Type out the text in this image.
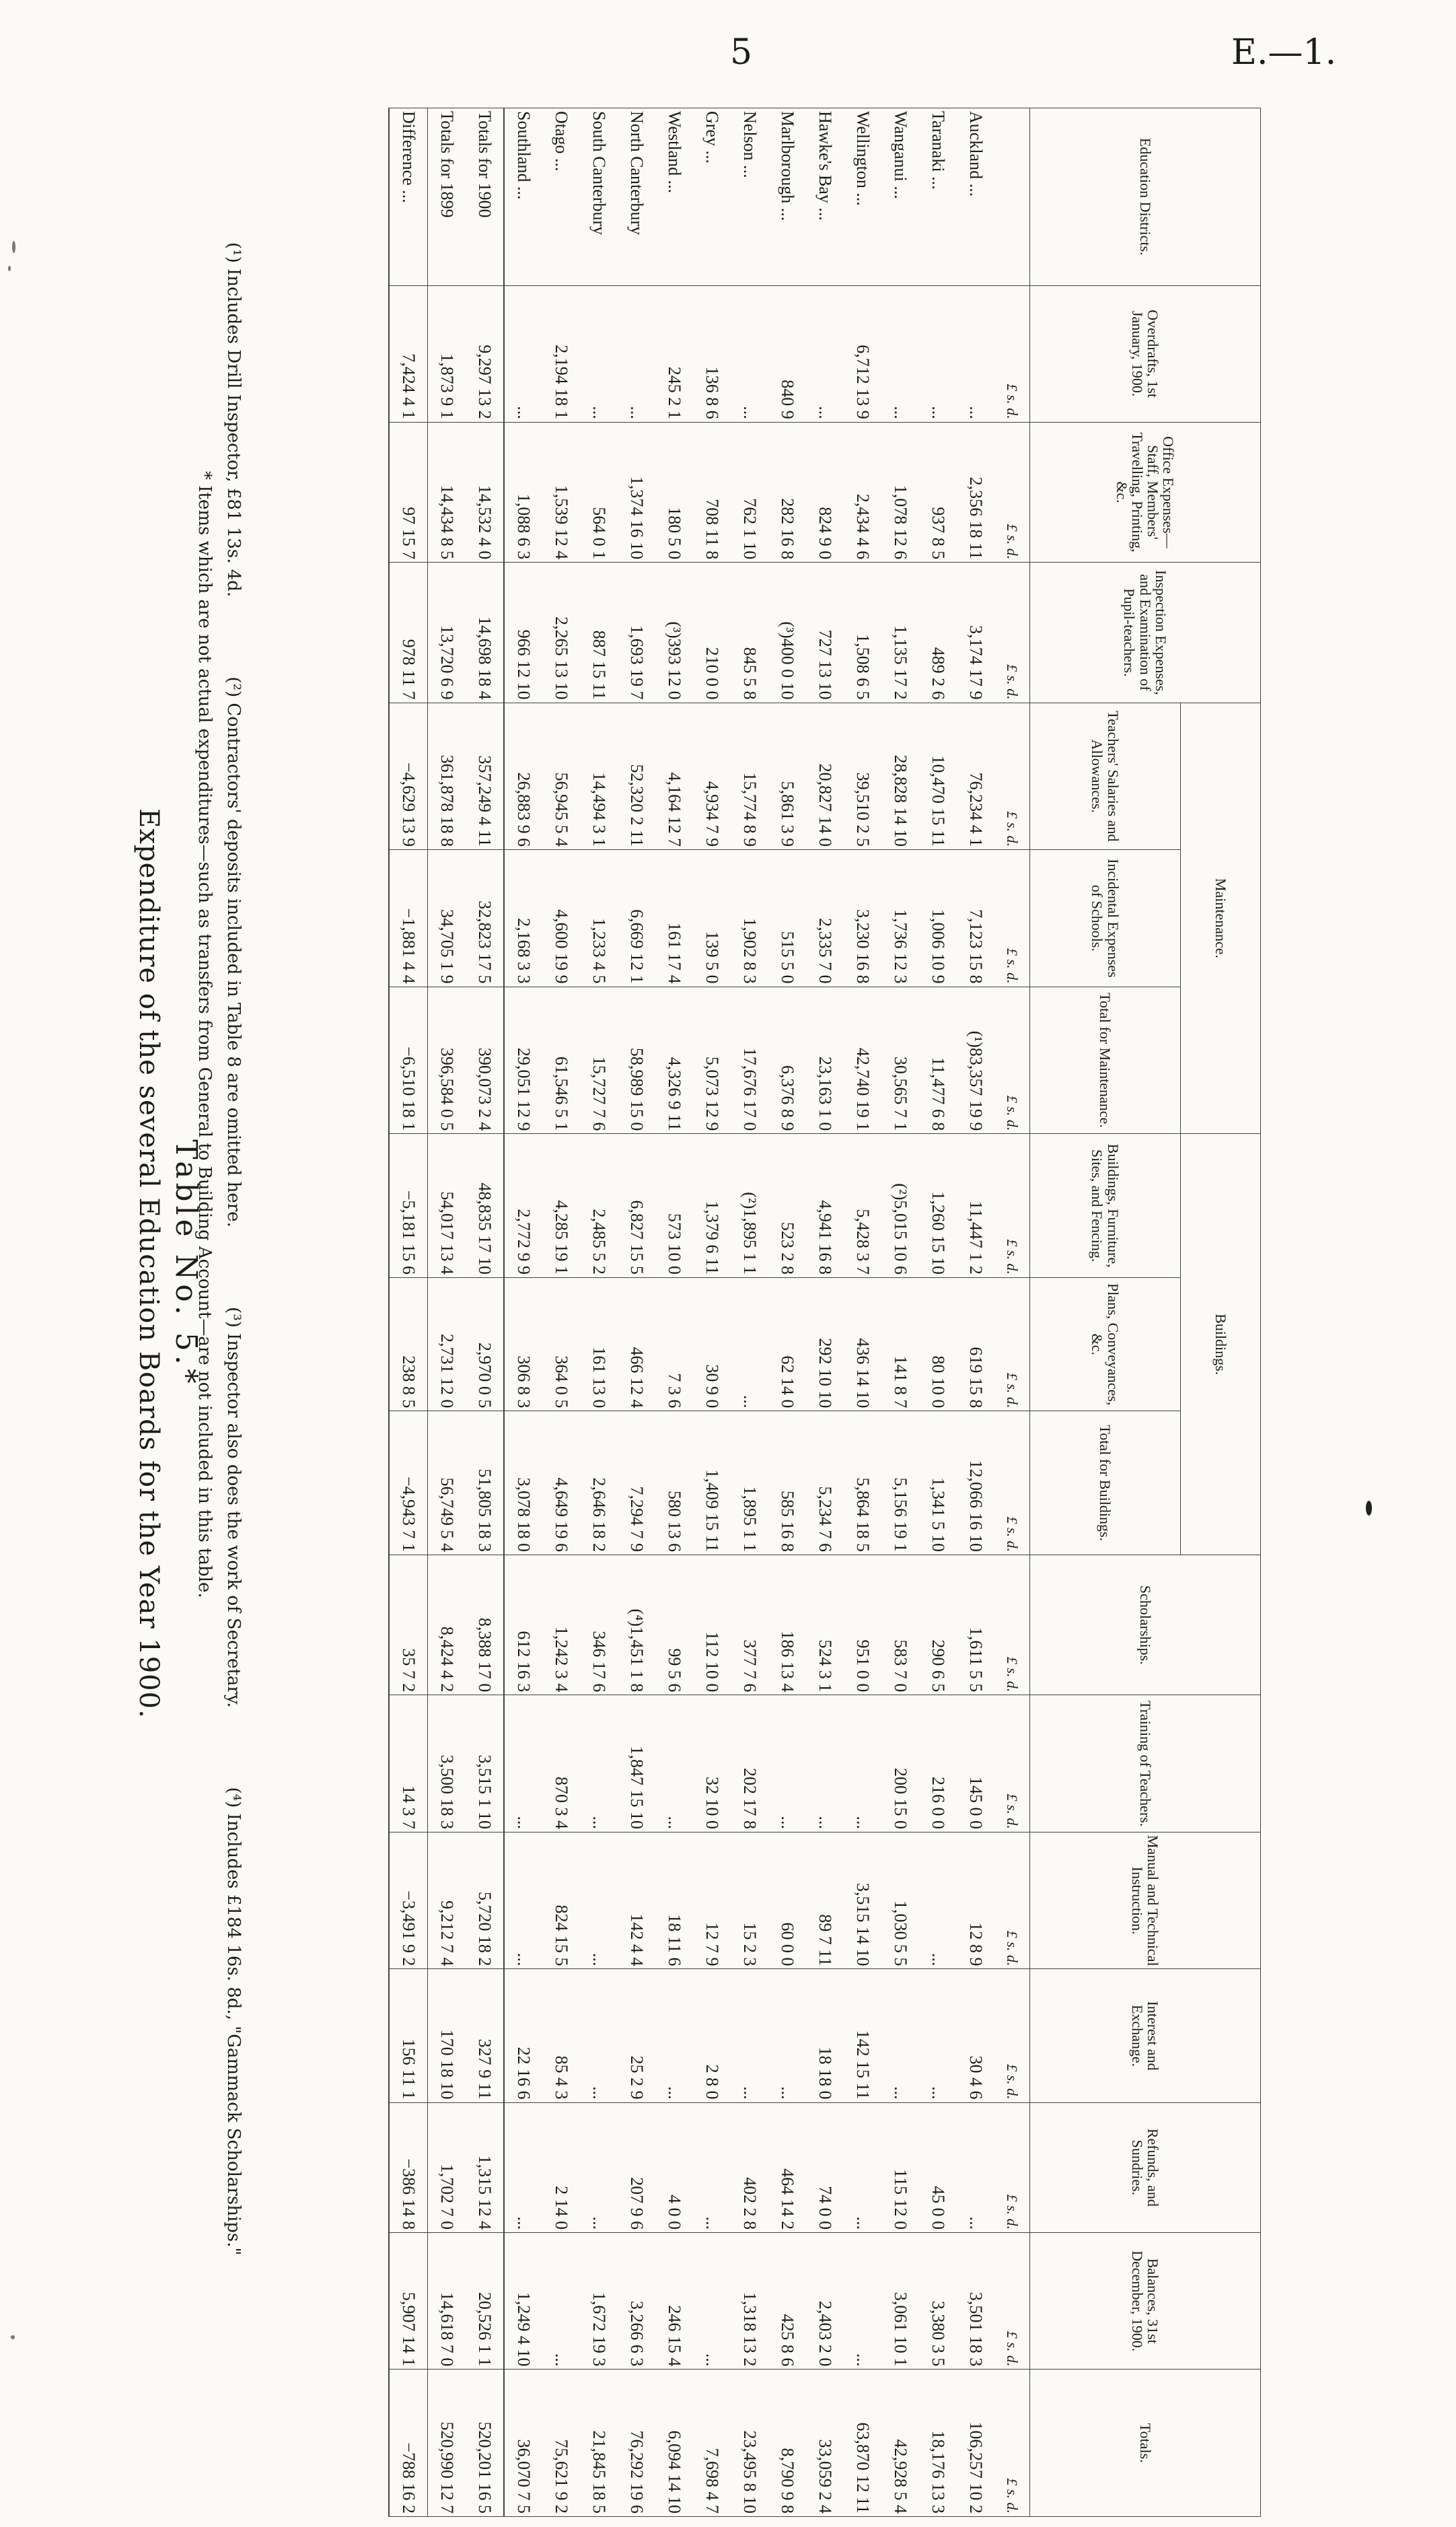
5	E.—1.
Table No. 5.*
Expenditure of the several Education Boards for the Year 1900.
Education Districts.	Overdrafts, 1st January, 1900.	Office Expenses—Staff, Members' Travelling, Printing, &c.	Inspection Expenses, and Examination of Pupil-teachers.	Maintenance.			Buildings.			Scholarships.	Training of Teachers.	Manual and Technical Instruction.	Interest and Exchange.	Refunds, and Sundries.	Balances, 31st December, 1900.	Totals.
				Teachers' Salaries and Allowances.	Incidental Expenses of Schools.	Total for Maintenance.	Buildings, Furniture, Sites, and Fencing.	Plans, Conveyances, &c.	Total for Buildings.							
	£ s. d.	£ s. d.	£ s. d.	£ s. d.	£ s. d.	£ s. d.	£ s. d.	£ s. d.	£ s. d.	£ s. d.	£ s. d.	£ s. d.	£ s. d.	£ s. d.	£ s. d.	£ s. d.
Auckland ...	...	2,356 18 11	3,174 17 9	76,234 4 1	7,123 15 8	(¹)83,357 19 9	11,447 1 2	619 15 8	12,066 16 10	1,611 5 5	145 0 0	12 8 9	30 4 6	...	3,501 18 3	106,257 10 2
Taranaki ...	...	937 8 5	489 2 6	10,470 15 11	1,006 10 9	11,477 6 8	1,260 15 10	80 10 0	1,341 5 10	290 6 5	216 0 0	...	...	45 0 0	3,380 3 5	18,176 13 3
Wanganui ...	...	1,078 12 6	1,135 17 2	28,828 14 10	1,736 12 3	30,565 7 1	(²)5,015 10 6	141 8 7	5,156 19 1	583 7 0	200 15 0	1,030 5 5	...	115 12 0	3,061 10 1	42,928 5 4
Wellington ...	6,712 13 9	2,434 4 6	1,508 6 5	39,510 2 5	3,230 16 8	42,740 19 1	5,428 3 7	436 14 10	5,864 18 5	951 0 0	...	3,515 14 10	142 15 11	...	...	63,870 12 11
Hawke's Bay ...	...	824 9 0	727 13 10	20,827 14 0	2,335 7 0	23,163 1 0	4,941 16 8	292 10 10	5,234 7 6	524 3 1	...	89 7 11	18 18 0	74 0 0	2,403 2 0	33,059 2 4
Marlborough ...	840 9	282 16 8	(³)400 0 10	5,861 3 9	515 5 0	6,376 8 9	523 2 8	62 14 0	585 16 8	186 13 4	...	60 0 0	...	464 14 2	425 8 6	8,790 9 8
Nelson ...	...	762 1 10	845 5 8	15,774 8 9	1,902 8 3	17,676 17 0	(²)1,895 1 1	...	1,895 1 1	377 7 6	202 17 8	15 2 3	...	402 2 8	1,318 13 2	23,495 8 10
Grey ...	136 8 6	708 11 8	210 0 0	4,934 7 9	139 5 0	5,073 12 9	1,379 6 11	30 9 0	1,409 15 11	112 10 0	32 10 0	12 7 9	2 8 0	...	...	7,698 4 7
Westland ...	245 2 1	180 5 0	(³)393 12 0	4,164 12 7	161 17 4	4,326 9 11	573 10 0	7 3 6	580 13 6	99 5 6	...	18 11 6	...	4 0 0	246 15 4	6,094 14 10
North Canterbury	...	1,374 16 10	1,693 19 7	52,320 2 11	6,669 12 1	58,989 15 0	6,827 15 5	466 12 4	7,294 7 9	(⁴)1,451 1 8	1,847 15 10	142 4 4	25 2 9	207 9 6	3,266 6 3	76,292 19 6
South Canterbury	...	564 0 1	887 15 11	14,494 3 1	1,233 4 5	15,727 7 6	2,485 5 2	161 13 0	2,646 18 2	346 17 6	...	...	...	...	1,672 19 3	21,845 18 5
Otago ...	2,194 18 1	1,539 12 4	2,265 13 10	56,945 5 4	4,600 19 9	61,546 5 1	4,285 19 1	364 0 5	4,649 19 6	1,242 3 4	870 3 4	824 15 5	85 4 3	2 14 0	...	75,621 9 2
Southland ...	...	1,088 6 3	966 12 10	26,883 9 6	2,168 3 3	29,051 12 9	2,772 9 9	306 8 3	3,078 18 0	612 16 3	...	...	22 16 6	...	1,249 4 10	36,070 7 5
Totals for 1900	9,297 13 2	14,532 4 0	14,698 18 4	357,249 4 11	32,823 17 5	390,073 2 4	48,835 17 10	2,970 0 5	51,805 18 3	8,388 17 0	3,515 1 10	5,720 18 2	327 9 11	1,315 12 4	20,526 1 1	520,201 16 5
Totals for 1899	1,873 9 1	14,434 8 5	13,720 6 9	361,878 18 8	34,705 1 9	396,584 0 5	54,017 13 4	2,731 12 0	56,749 5 4	8,424 4 2	3,500 18 3	9,212 7 4	170 18 10	1,702 7 0	14,618 7 0	520,990 12 7
Difference ...	7,424 4 1	97 15 7	978 11 7	−4,629 13 9	−1,881 4 4	−6,510 18 1	−5,181 15 6	238 8 5	−4,943 7 1	35 7 2	14 3 7	−3,491 9 2	156 11 1	−386 14 8	5,907 14 1	−788 16 2
(¹) Includes Drill Inspector, £81 13s. 4d. (²) Contractors' deposits included in Table 8 are omitted here. (³) Inspector also does the work of Secretary. (⁴) Includes £184 16s. 8d., "Gammack Scholarships."
* Items which are not actual expenditures—such as transfers from General to Building Account—are not included in this table.
